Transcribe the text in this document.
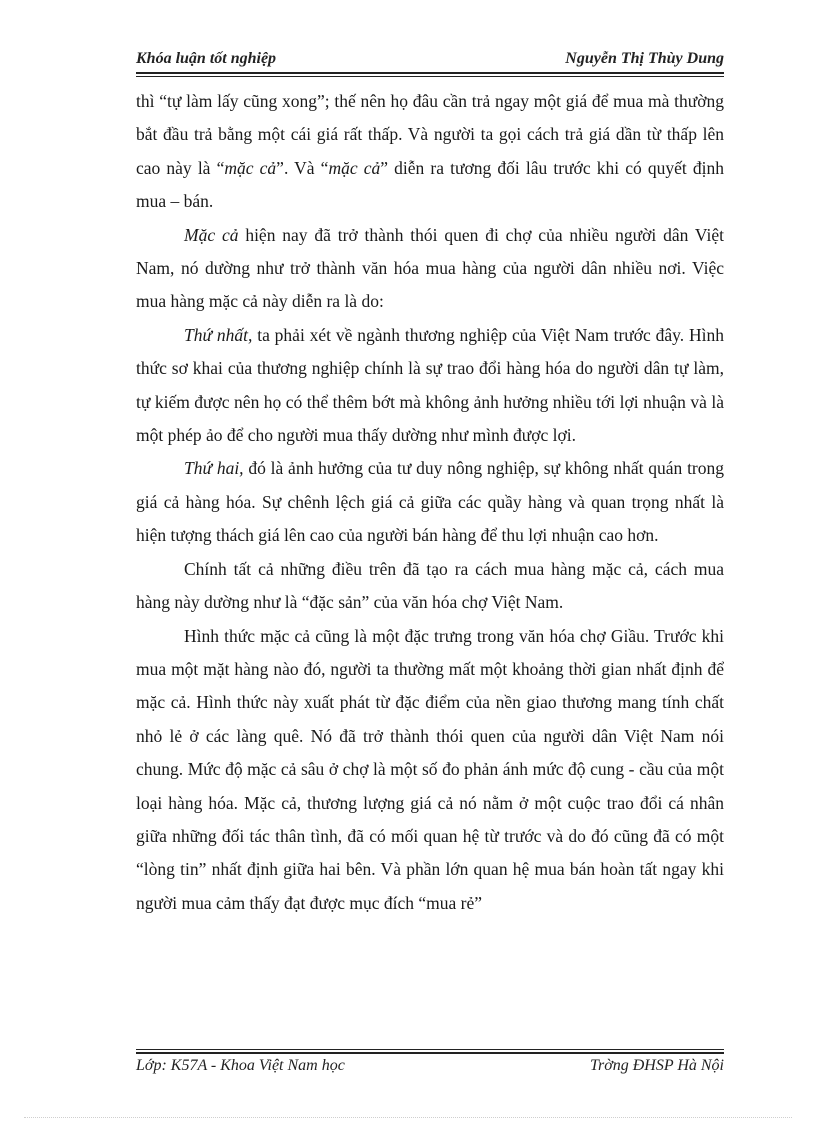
Khóa luận tốt nghiệp	Nguyễn Thị Thùy Dung

thì “tự làm lấy cũng xong”; thế nên họ đâu cần trả ngay một giá để mua mà thường bắt đầu trả bằng một cái giá rất thấp. Và người ta gọi cách trả giá dần từ thấp lên cao này là “mặc cả”. Và “mặc cả” diễn ra tương đối lâu trước khi có quyết định mua – bán.

Mặc cả hiện nay đã trở thành thói quen đi chợ của nhiều người dân Việt Nam, nó dường như trở thành văn hóa mua hàng của người dân nhiều nơi. Việc mua hàng mặc cả này diễn ra là do:

Thứ nhất, ta phải xét về ngành thương nghiệp của Việt Nam trước đây. Hình thức sơ khai của thương nghiệp chính là sự trao đổi hàng hóa do người dân tự làm, tự kiếm được nên họ có thể thêm bớt mà không ảnh hưởng nhiều tới lợi nhuận và là một phép ảo để cho người mua thấy dường như mình được lợi.

Thứ hai, đó là ảnh hưởng của tư duy nông nghiệp, sự không nhất quán trong giá cả hàng hóa. Sự chênh lệch giá cả giữa các quầy hàng và quan trọng nhất là hiện tượng thách giá lên cao của người bán hàng để thu lợi nhuận cao hơn.

Chính tất cả những điều trên đã tạo ra cách mua hàng mặc cả, cách mua hàng này dường như là “đặc sản” của văn hóa chợ Việt Nam.

Hình thức mặc cả cũng là một đặc trưng trong văn hóa chợ Giầu. Trước khi mua một mặt hàng nào đó, người ta thường mất một khoảng thời gian nhất định để mặc cả. Hình thức này xuất phát từ đặc điểm của nền giao thương mang tính chất nhỏ lẻ ở các làng quê. Nó đã trở thành thói quen của người dân Việt Nam nói chung. Mức độ mặc cả sâu ở chợ là một số đo phản ánh mức độ cung - cầu của một loại hàng hóa. Mặc cả, thương lượng giá cả nó nằm ở một cuộc trao đổi cá nhân giữa những đối tác thân tình, đã có mối quan hệ từ trước và do đó cũng đã có một “lòng tin” nhất định giữa hai bên. Và phần lớn quan hệ mua bán hoàn tất ngay khi người mua cảm thấy đạt được mục đích “mua rẻ”

Lớp: K57A - Khoa Việt Nam học	Trờng ĐHSP Hà Nội
